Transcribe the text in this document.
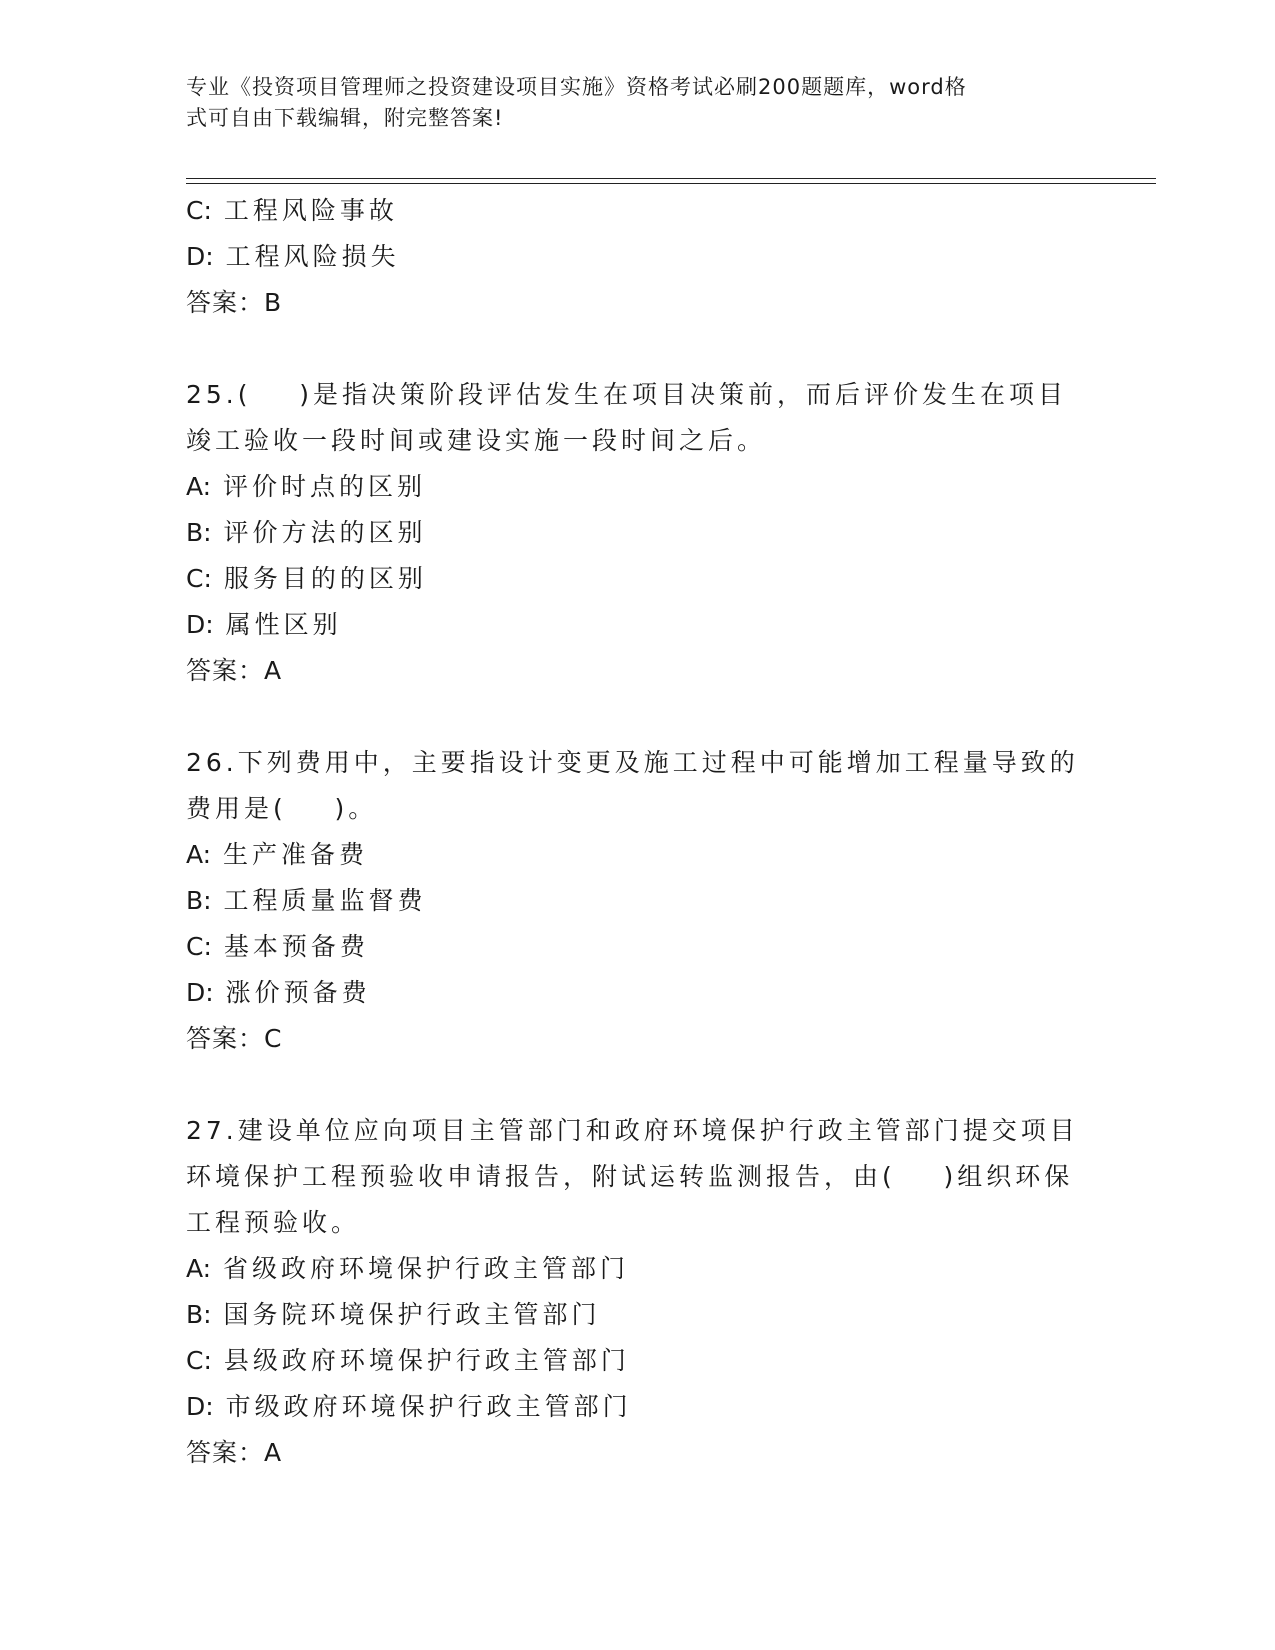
专业《投资项目管理师之投资建设项目实施》资格考试必刷200题题库，word格
式可自由下载编辑，附完整答案!
C: 工程风险事故
D: 工程风险损失
答案：B
25.(    )是指决策阶段评估发生在项目决策前，而后评价发生在项目
竣工验收一段时间或建设实施一段时间之后。
A: 评价时点的区别
B: 评价方法的区别
C: 服务目的的区别
D: 属性区别
答案：A
26.下列费用中，主要指设计变更及施工过程中可能增加工程量导致的
费用是(    )。
A: 生产准备费
B: 工程质量监督费
C: 基本预备费
D: 涨价预备费
答案：C
27.建设单位应向项目主管部门和政府环境保护行政主管部门提交项目
环境保护工程预验收申请报告，附试运转监测报告，由(    )组织环保
工程预验收。
A: 省级政府环境保护行政主管部门
B: 国务院环境保护行政主管部门
C: 县级政府环境保护行政主管部门
D: 市级政府环境保护行政主管部门
答案：A
